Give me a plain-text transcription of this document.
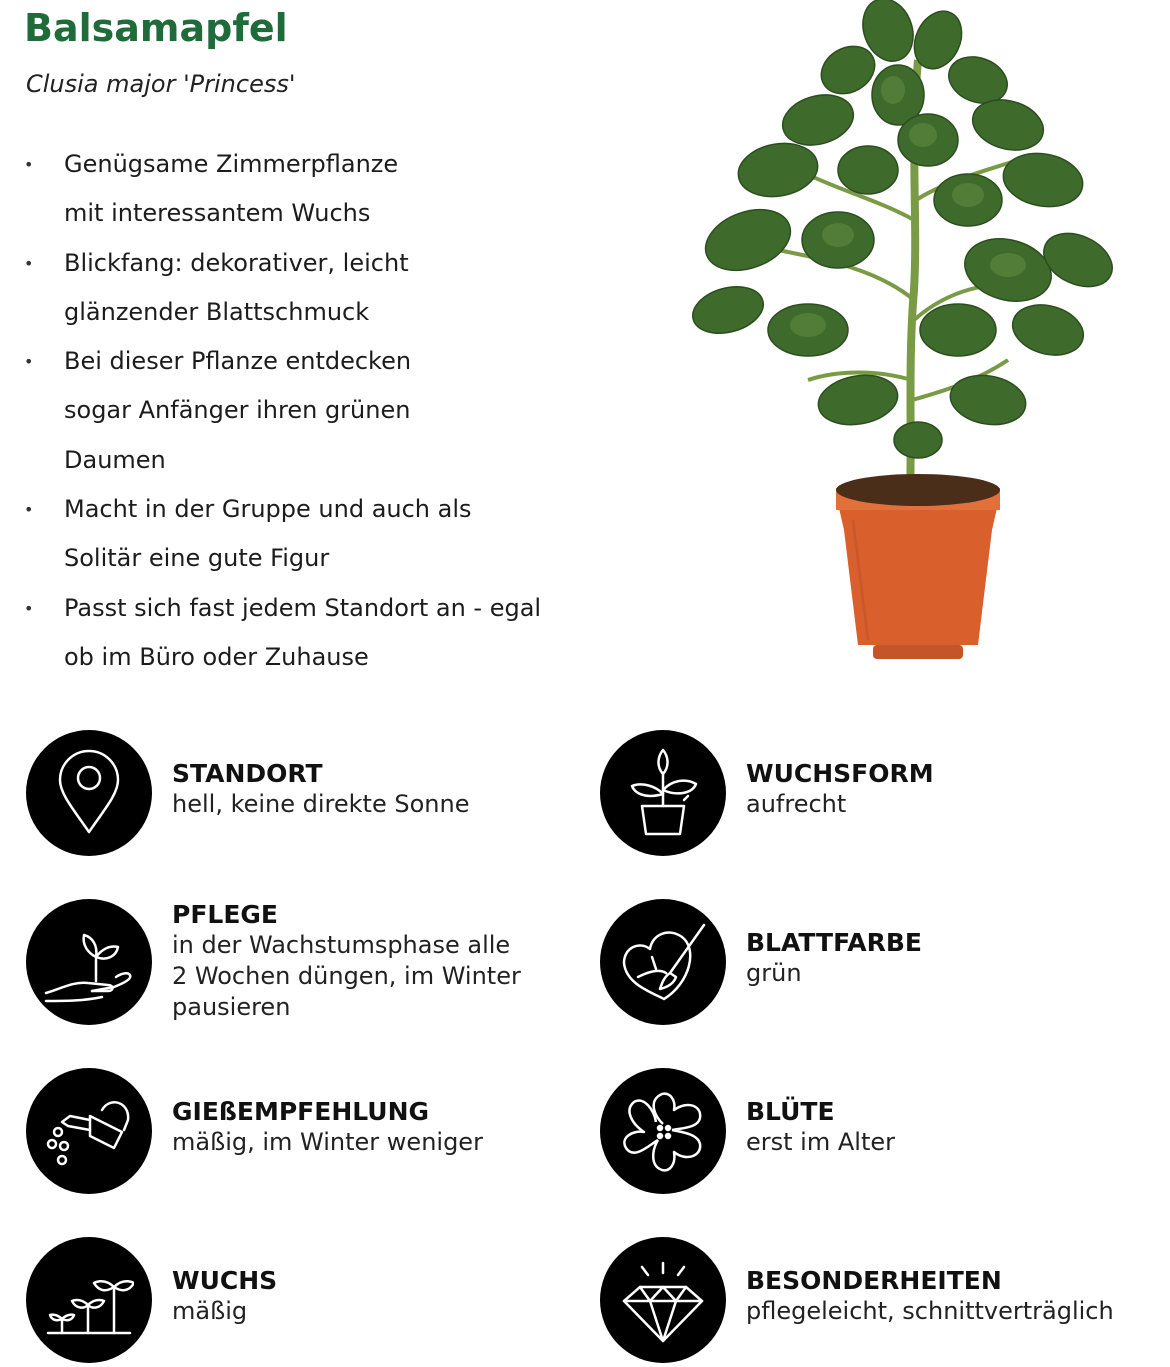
Balsamapfel
Clusia major 'Princess'
• Genügsame Zimmerpflanze mit interessantem Wuchs
• Blickfang: dekorativer, leicht glänzender Blattschmuck
• Bei dieser Pflanze entdecken sogar Anfänger ihren grünen Daumen
• Macht in der Gruppe und auch als Solitär eine gute Figur
• Passt sich fast jedem Standort an - egal ob im Büro oder Zuhause
STANDORT
hell, keine direkte Sonne
WUCHSFORM
aufrecht
PFLEGE
in der Wachstumsphase alle 2 Wochen düngen, im Winter pausieren
BLATTFARBE
grün
GIEßEMPFEHLUNG
mäßig, im Winter weniger
BLÜTE
erst im Alter
WUCHS
mäßig
BESONDERHEITEN
pflegeleicht, schnittverträglich
